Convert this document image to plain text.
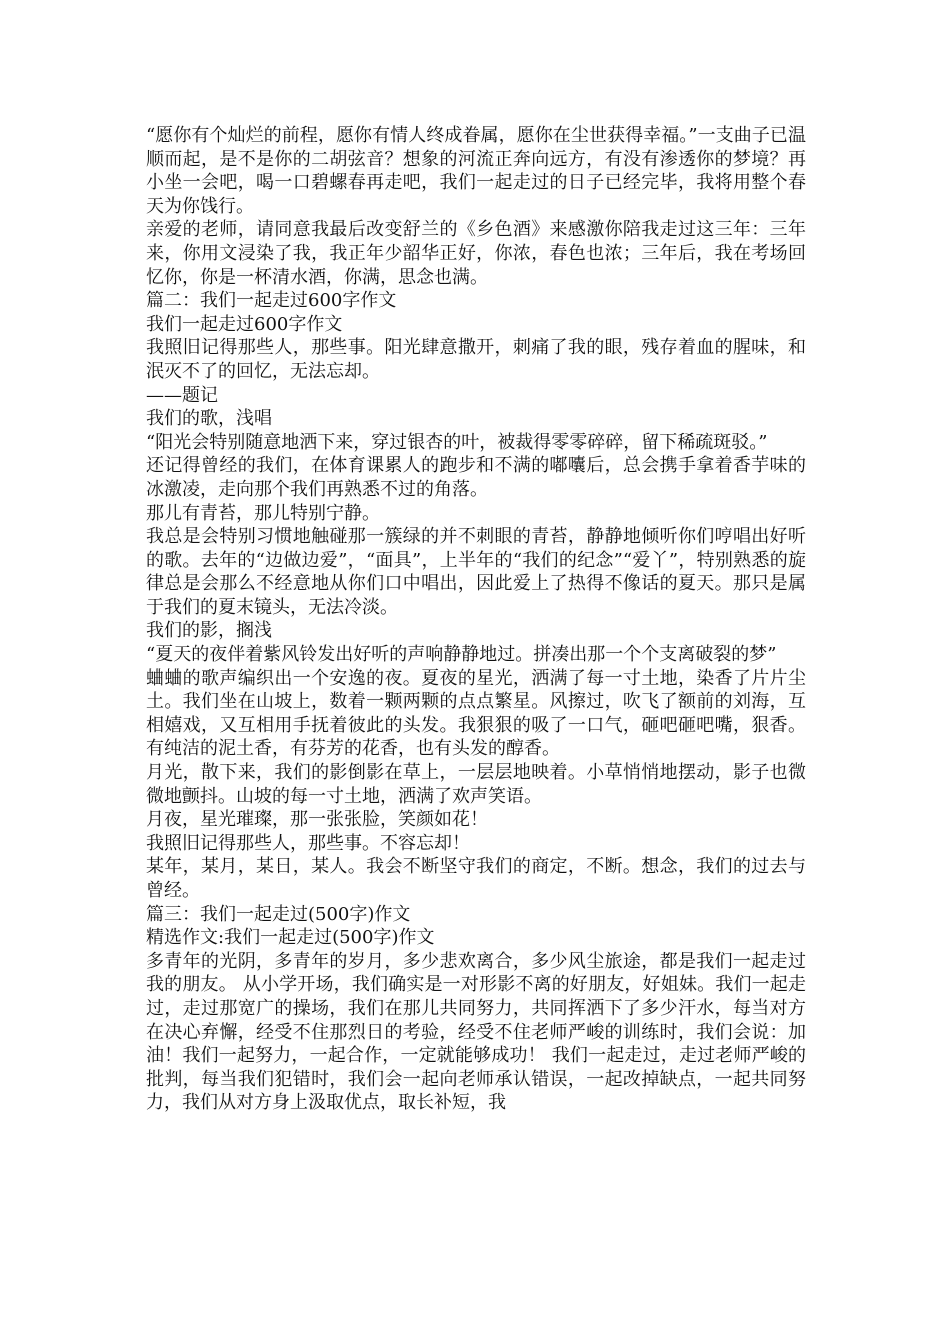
“愿你有个灿烂的前程，愿你有情人终成眷属，愿你在尘世获得幸福。”一支曲子已温顺而起，是不是你的二胡弦音？想象的河流正奔向远方，有没有渗透你的梦境？再小坐一会吧，喝一口碧螺春再走吧，我们一起走过的日子已经完毕，我将用整个春天为你饯行。

亲爱的老师，请同意我最后改变舒兰的《乡色酒》来感激你陪我走过这三年：三年来，你用文浸染了我，我正年少韶华正好，你浓，春色也浓；三年后，我在考场回忆你，你是一杯清水酒，你满，思念也满。

篇二：我们一起走过600字作文

我们一起走过600字作文

我照旧记得那些人，那些事。阳光肆意撒开，刺痛了我的眼，残存着血的腥味，和泯灭不了的回忆，无法忘却。

——题记

我们的歌，浅唱

“阳光会特别随意地洒下来，穿过银杏的叶，被裁得零零碎碎，留下稀疏斑驳。”

还记得曾经的我们，在体育课累人的跑步和不满的嘟囔后，总会携手拿着香芋味的冰激凌，走向那个我们再熟悉不过的角落。

那儿有青苔，那儿特别宁静。

我总是会特别习惯地触碰那一簇绿的并不刺眼的青苔，静静地倾听你们哼唱出好听的歌。去年的“边做边爱”，“面具”，上半年的“我们的纪念”“爱丫”，特别熟悉的旋律总是会那么不经意地从你们口中唱出，因此爱上了热得不像话的夏天。那只是属于我们的夏末镜头，无法冷淡。

我们的影，搁浅

“夏天的夜伴着紫风铃发出好听的声响静静地过。拼凑出那一个个支离破裂的梦”

蛐蛐的歌声编织出一个安逸的夜。夏夜的星光，洒满了每一寸土地，染香了片片尘土。我们坐在山坡上，数着一颗两颗的点点繁星。风擦过，吹飞了额前的刘海，互相嬉戏，又互相用手抚着彼此的头发。我狠狠的吸了一口气，砸吧砸吧嘴，狠香。有纯洁的泥土香，有芬芳的花香，也有头发的醇香。

月光，散下来，我们的影倒影在草上，一层层地映着。小草悄悄地摆动，影子也微微地颤抖。山坡的每一寸土地，洒满了欢声笑语。

月夜，星光璀璨，那一张张脸，笑颜如花！

我照旧记得那些人，那些事。不容忘却！

某年，某月，某日，某人。我会不断坚守我们的商定，不断。想念，我们的过去与曾经。

篇三：我们一起走过(500字)作文

精选作文:我们一起走过(500字)作文

多青年的光阴，多青年的岁月，多少悲欢离合，多少风尘旅途，都是我们一起走过我的朋友。 从小学开场，我们确实是一对形影不离的好朋友，好姐妹。我们一起走过，走过那宽广的操场，我们在那儿共同努力，共同挥洒下了多少汗水，每当对方在决心弃懈，经受不住那烈日的考验，经受不住老师严峻的训练时，我们会说：加油！我们一起努力，一起合作，一定就能够成功！ 我们一起走过，走过老师严峻的批判，每当我们犯错时，我们会一起向老师承认错误，一起改掉缺点，一起共同努力，我们从对方身上汲取优点，取长补短，我
